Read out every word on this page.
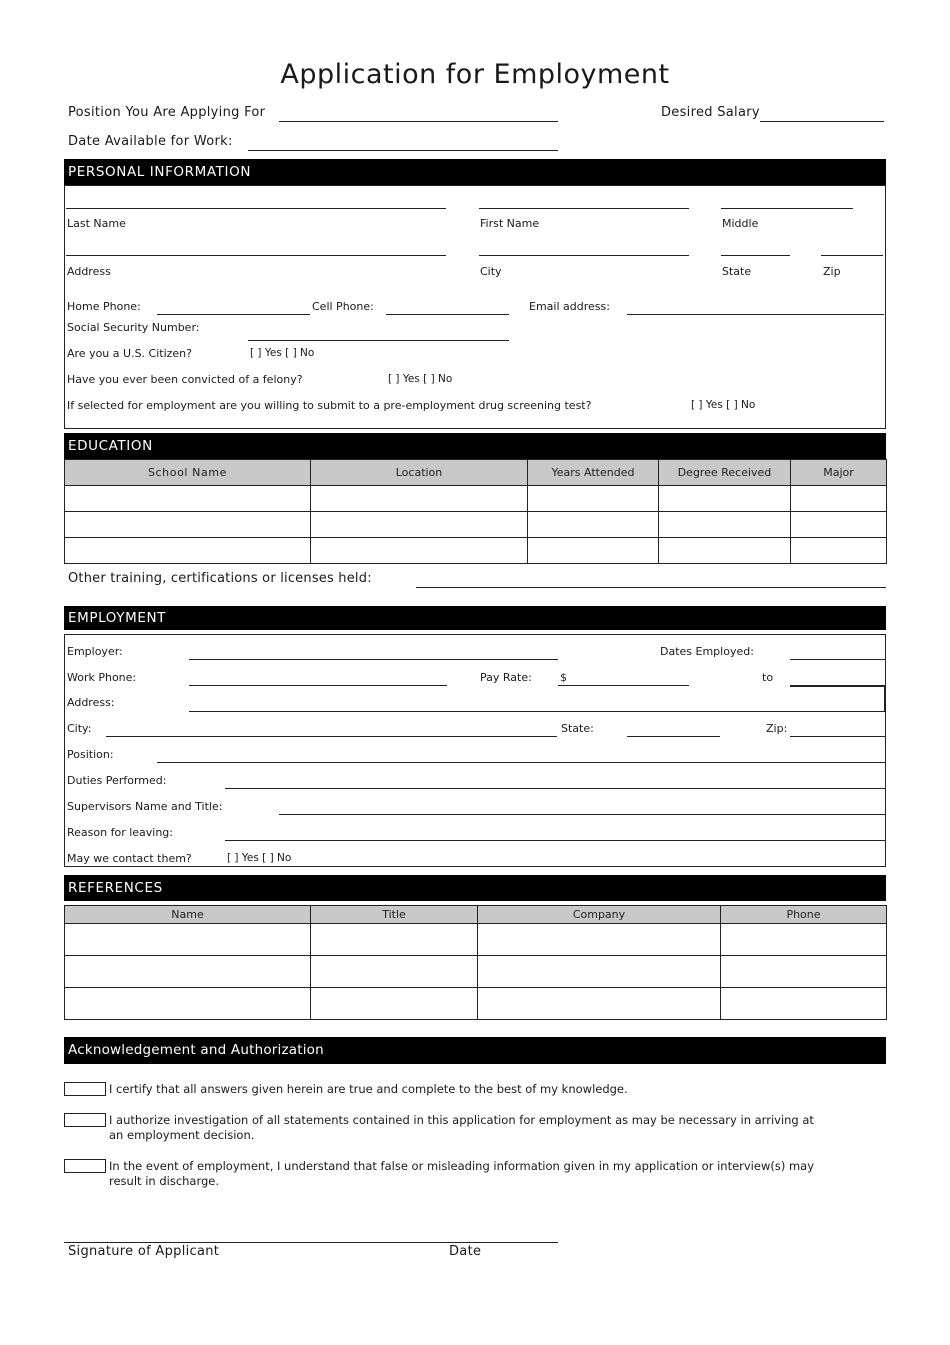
Application for Employment
Position You Are Applying For	Desired Salary
Date Available for Work:
PERSONAL INFORMATION
Last Name	First Name	Middle
Address	City	State	Zip
Home Phone:	Cell Phone:	Email address:
Social Security Number:
Are you a U.S. Citizen?	[ ] Yes [ ] No
Have you ever been convicted of a felony?	[ ] Yes [ ] No
If selected for employment are you willing to submit to a pre-employment drug screening test?	[ ] Yes [ ] No
EDUCATION
School Name	Location	Years Attended	Degree Received	Major

Other training, certifications or licenses held:
EMPLOYMENT
Employer:	Dates Employed:
Work Phone:	Pay Rate:	$	to
Address:
City:	State:	Zip:
Position:
Duties Performed:
Supervisors Name and Title:
Reason for leaving:
May we contact them?	[ ] Yes [ ] No
REFERENCES
Name	Title	Company	Phone

Acknowledgement and Authorization
I certify that all answers given herein are true and complete to the best of my knowledge.
I authorize investigation of all statements contained in this application for employment as may be necessary in arriving at an employment decision.
In the event of employment, I understand that false or misleading information given in my application or interview(s) may result in discharge.
Signature of Applicant	Date
